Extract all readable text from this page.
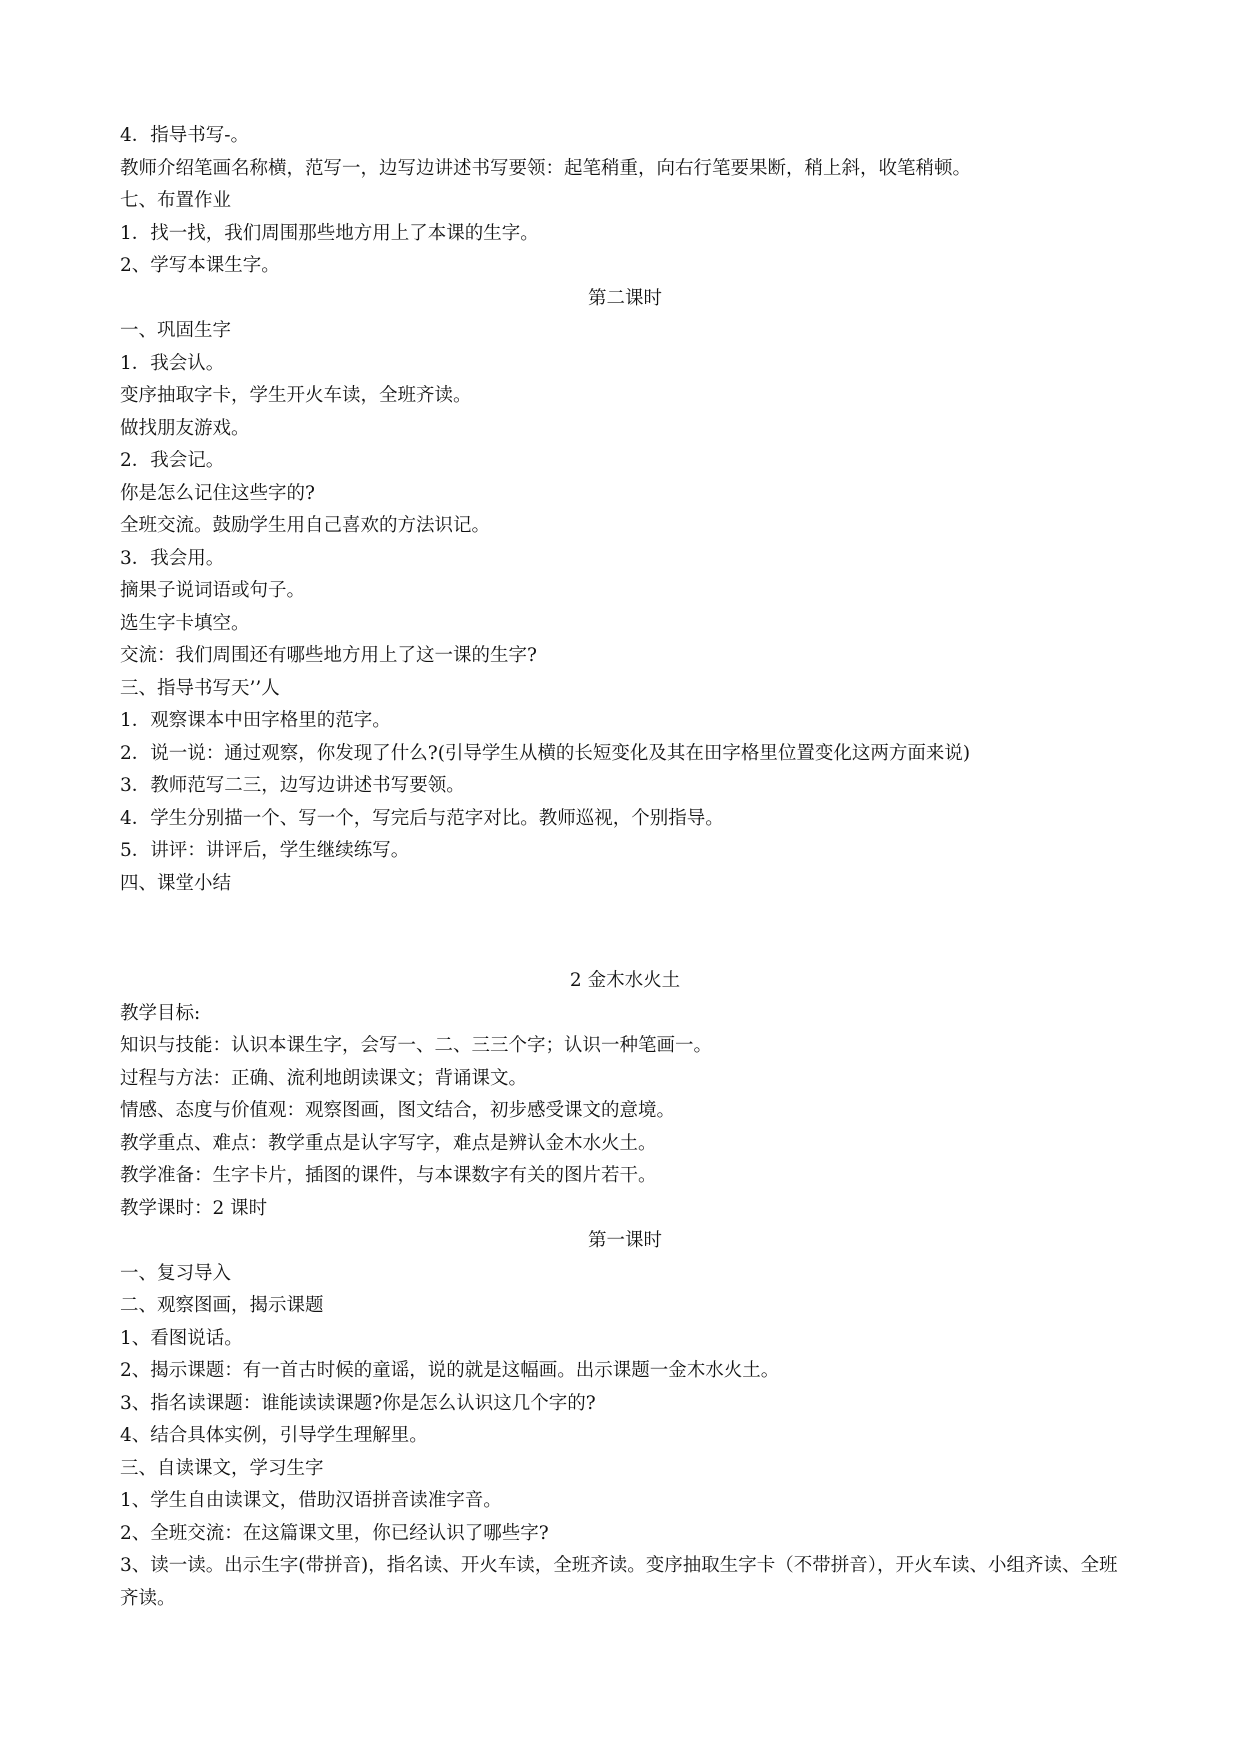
4．指导书写-。
教师介绍笔画名称横，范写一，边写边讲述书写要领：起笔稍重，向右行笔要果断，稍上斜，收笔稍顿。
七、布置作业
1．找一找，我们周围那些地方用上了本课的生字。
2、学写本课生字。
第二课时
一、巩固生字
1．我会认。
变序抽取字卡，学生开火车读，全班齐读。
做找朋友游戏。
2．我会记。
你是怎么记住这些字的?
全班交流。鼓励学生用自己喜欢的方法识记。
3．我会用。
摘果子说词语或句子。
选生字卡填空。
交流：我们周围还有哪些地方用上了这一课的生字?
三、指导书写天’’人
1．观察课本中田字格里的范字。
2．说一说：通过观察，你发现了什么?(引导学生从横的长短变化及其在田字格里位置变化这两方面来说)
3．教师范写二三，边写边讲述书写要领。
4．学生分别描一个、写一个，写完后与范字对比。教师巡视，个别指导。
5．讲评：讲评后，学生继续练写。
四、课堂小结
2 金木水火土
教学目标:
知识与技能：认识本课生字，会写一、二、三三个字；认识一种笔画一。
过程与方法：正确、流利地朗读课文；背诵课文。
情感、态度与价值观：观察图画，图文结合，初步感受课文的意境。
教学重点、难点：教学重点是认字写字，难点是辨认金木水火土。
教学准备：生字卡片，插图的课件，与本课数字有关的图片若干。
教学课时：2 课时
第一课时
一、复习导入
二、观察图画，揭示课题
1、看图说话。
2、揭示课题：有一首古时候的童谣，说的就是这幅画。出示课题一金木水火土。
3、指名读课题：谁能读读课题?你是怎么认识这几个字的?
4、结合具体实例，引导学生理解里。
三、自读课文，学习生字
1、学生自由读课文，借助汉语拼音读准字音。
2、全班交流：在这篇课文里，你已经认识了哪些字?
3、读一读。出示生字(带拼音)，指名读、开火车读，全班齐读。变序抽取生字卡（不带拼音），开火车读、小组齐读、全班齐读。
